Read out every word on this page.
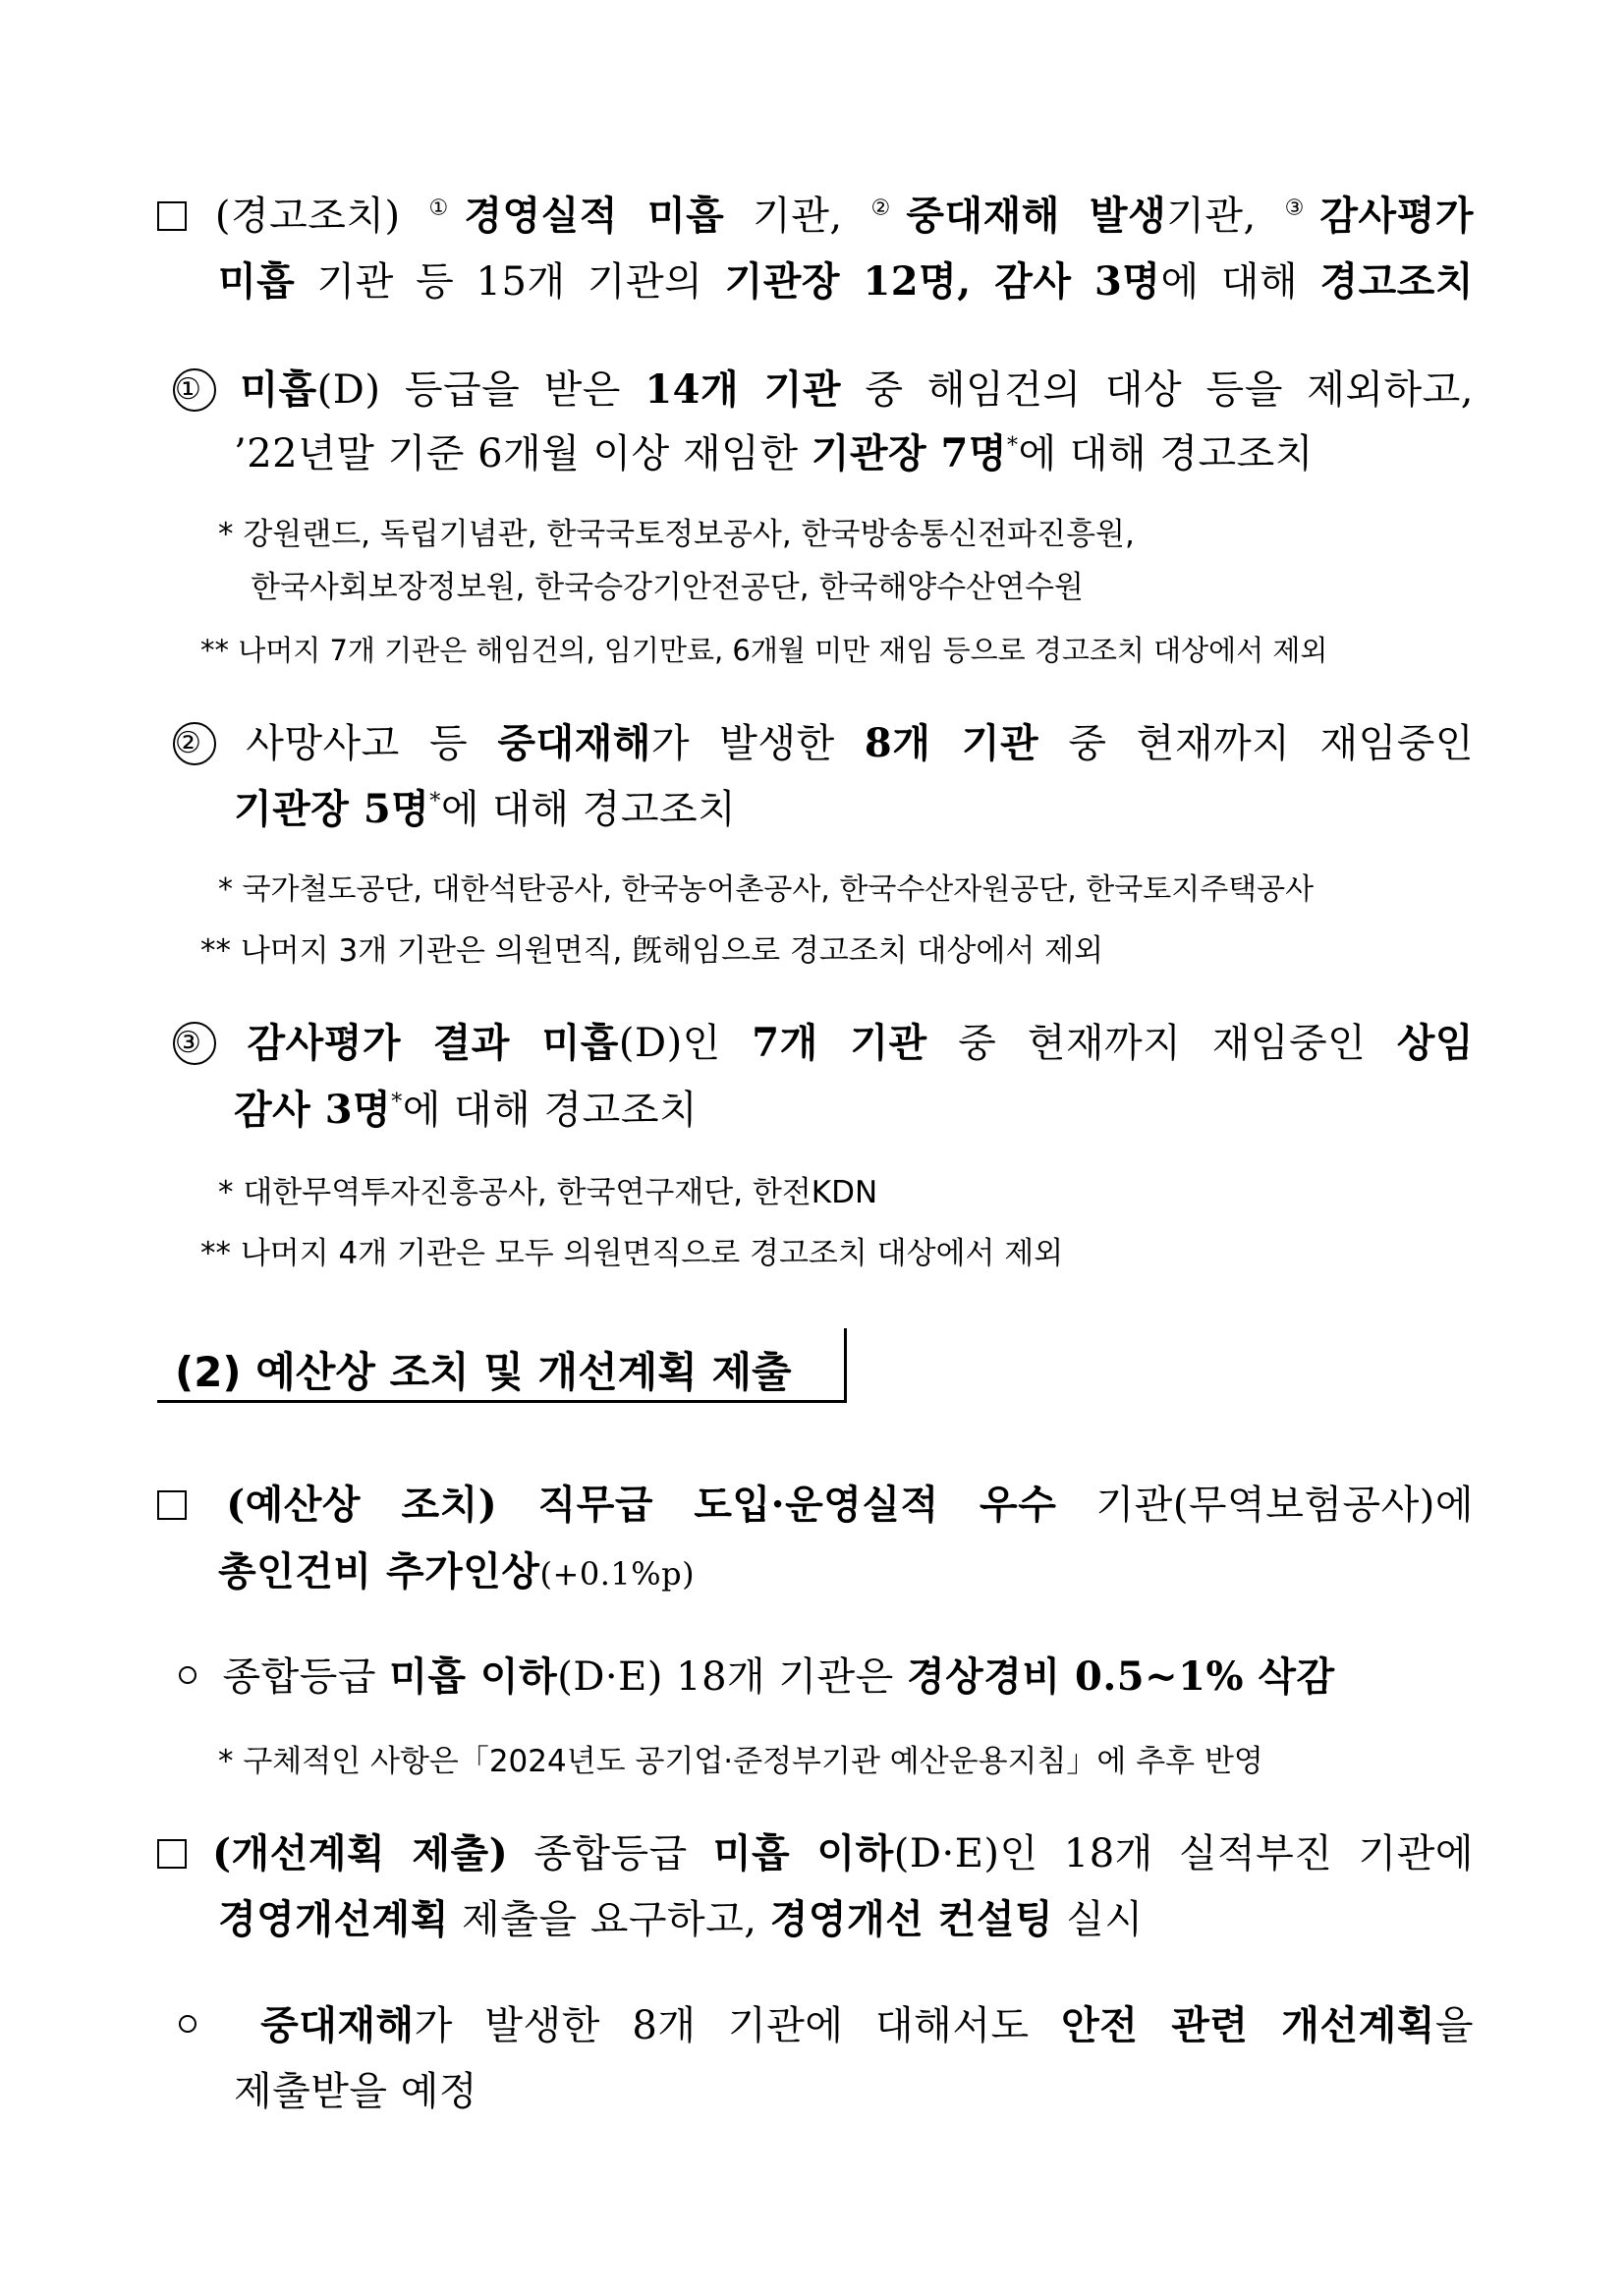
(경고조치) ①경영실적 미흡 기관, ②중대재해 발생기관, ③감사평가
미흡 기관 등 15개 기관의 기관장 12명, 감사 3명에 대해 경고조치
① 미흡(D) 등급을 받은 14개 기관 중 해임건의 대상 등을 제외하고,
’22년말 기준 6개월 이상 재임한 기관장 7명*에 대해 경고조치
* 강원랜드, 독립기념관, 한국국토정보공사, 한국방송통신전파진흥원,
한국사회보장정보원, 한국승강기안전공단, 한국해양수산연수원
** 나머지 7개 기관은 해임건의, 임기만료, 6개월 미만 재임 등으로 경고조치 대상에서 제외
② 사망사고 등 중대재해가 발생한 8개 기관 중 현재까지 재임중인
기관장 5명*에 대해 경고조치
* 국가철도공단, 대한석탄공사, 한국농어촌공사, 한국수산자원공단, 한국토지주택공사
** 나머지 3개 기관은 의원면직, 旣해임으로 경고조치 대상에서 제외
③ 감사평가 결과 미흡(D)인 7개 기관 중 현재까지 재임중인 상임
감사 3명*에 대해 경고조치
* 대한무역투자진흥공사, 한국연구재단, 한전KDN
** 나머지 4개 기관은 모두 의원면직으로 경고조치 대상에서 제외
(2) 예산상 조치 및 개선계획 제출
(예산상 조치) 직무급 도입·운영실적 우수 기관(무역보험공사)에
총인건비 추가인상(+0.1%p)
종합등급 미흡 이하(D·E) 18개 기관은 경상경비 0.5~1% 삭감
* 구체적인 사항은「2024년도 공기업·준정부기관 예산운용지침」에 추후 반영
(개선계획 제출) 종합등급 미흡 이하(D·E)인 18개 실적부진 기관에
경영개선계획 제출을 요구하고, 경영개선 컨설팅 실시
중대재해가 발생한 8개 기관에 대해서도 안전 관련 개선계획을
제출받을 예정
